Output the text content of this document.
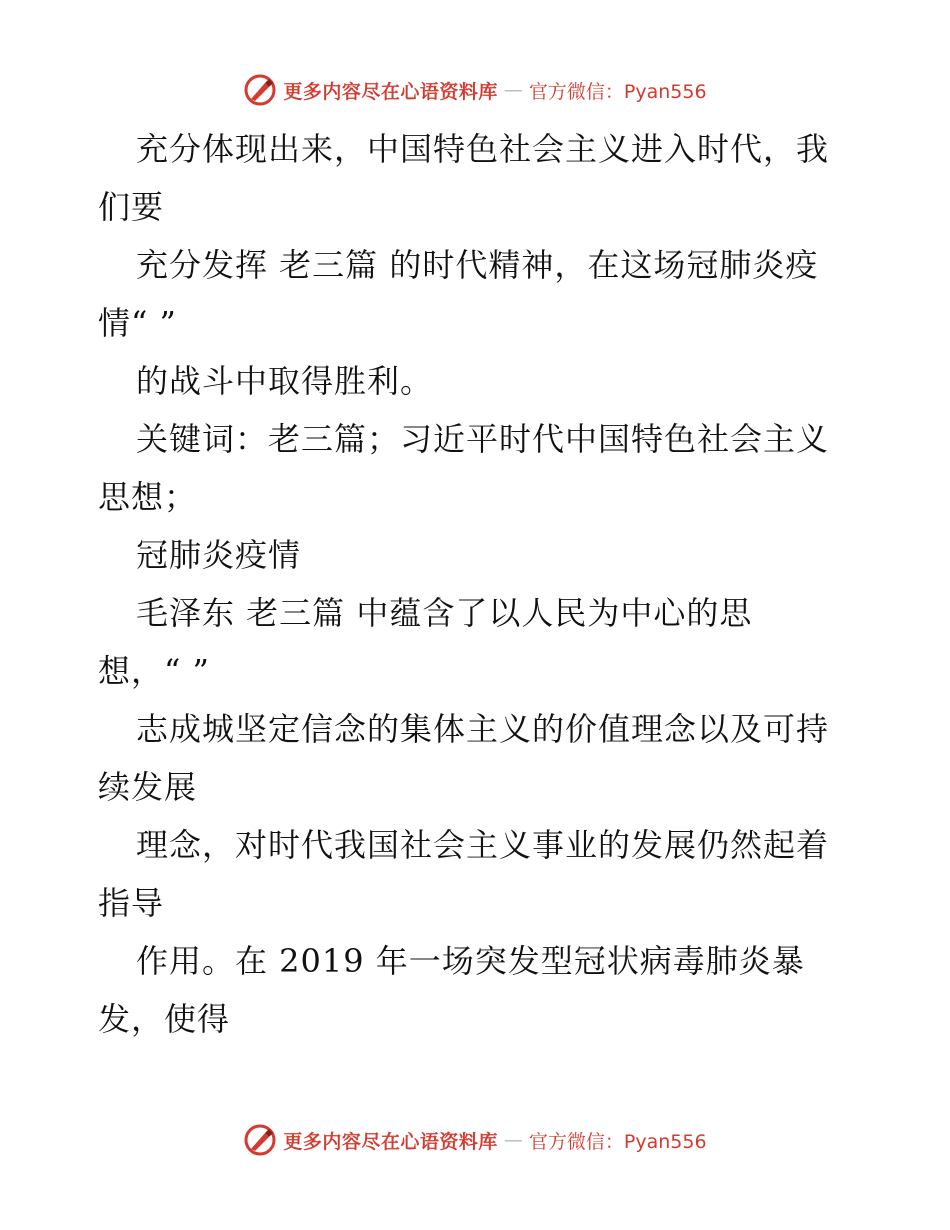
更多内容尽在心语资料库 — 官方微信：Pyan556
充分体现出来，中国特色社会主义进入时代，我
们要
充分发挥 老三篇 的时代精神，在这场冠肺炎疫
情“ ”
的战斗中取得胜利。
关键词：老三篇；习近平时代中国特色社会主义
思想；
冠肺炎疫情
毛泽东 老三篇 中蕴含了以人民为中心的思
想，“ ”
志成城坚定信念的集体主义的价值理念以及可持
续发展
理念，对时代我国社会主义事业的发展仍然起着
指导
作用。在 2019 年一场突发型冠状病毒肺炎暴
发，使得
更多内容尽在心语资料库 — 官方微信：Pyan556
